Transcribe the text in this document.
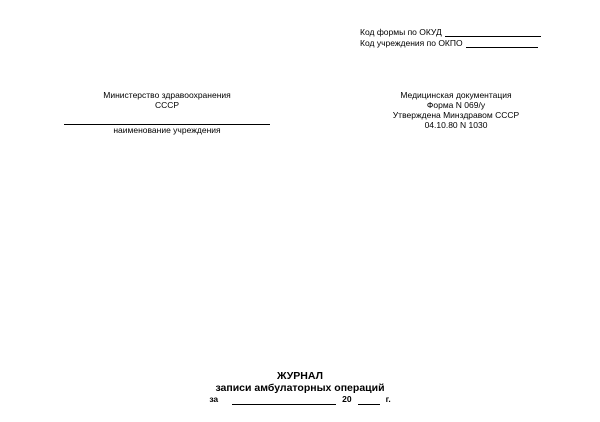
Код формы по ОКУД
Код учреждения по ОКПО
Министерство здравоохранения
СССР
наименование учреждения
Медицинская документация
Форма N 069/у
Утверждена Минздравом СССР
04.10.80 N 1030
ЖУРНАЛ
записи амбулаторных операций
за	20	г.
